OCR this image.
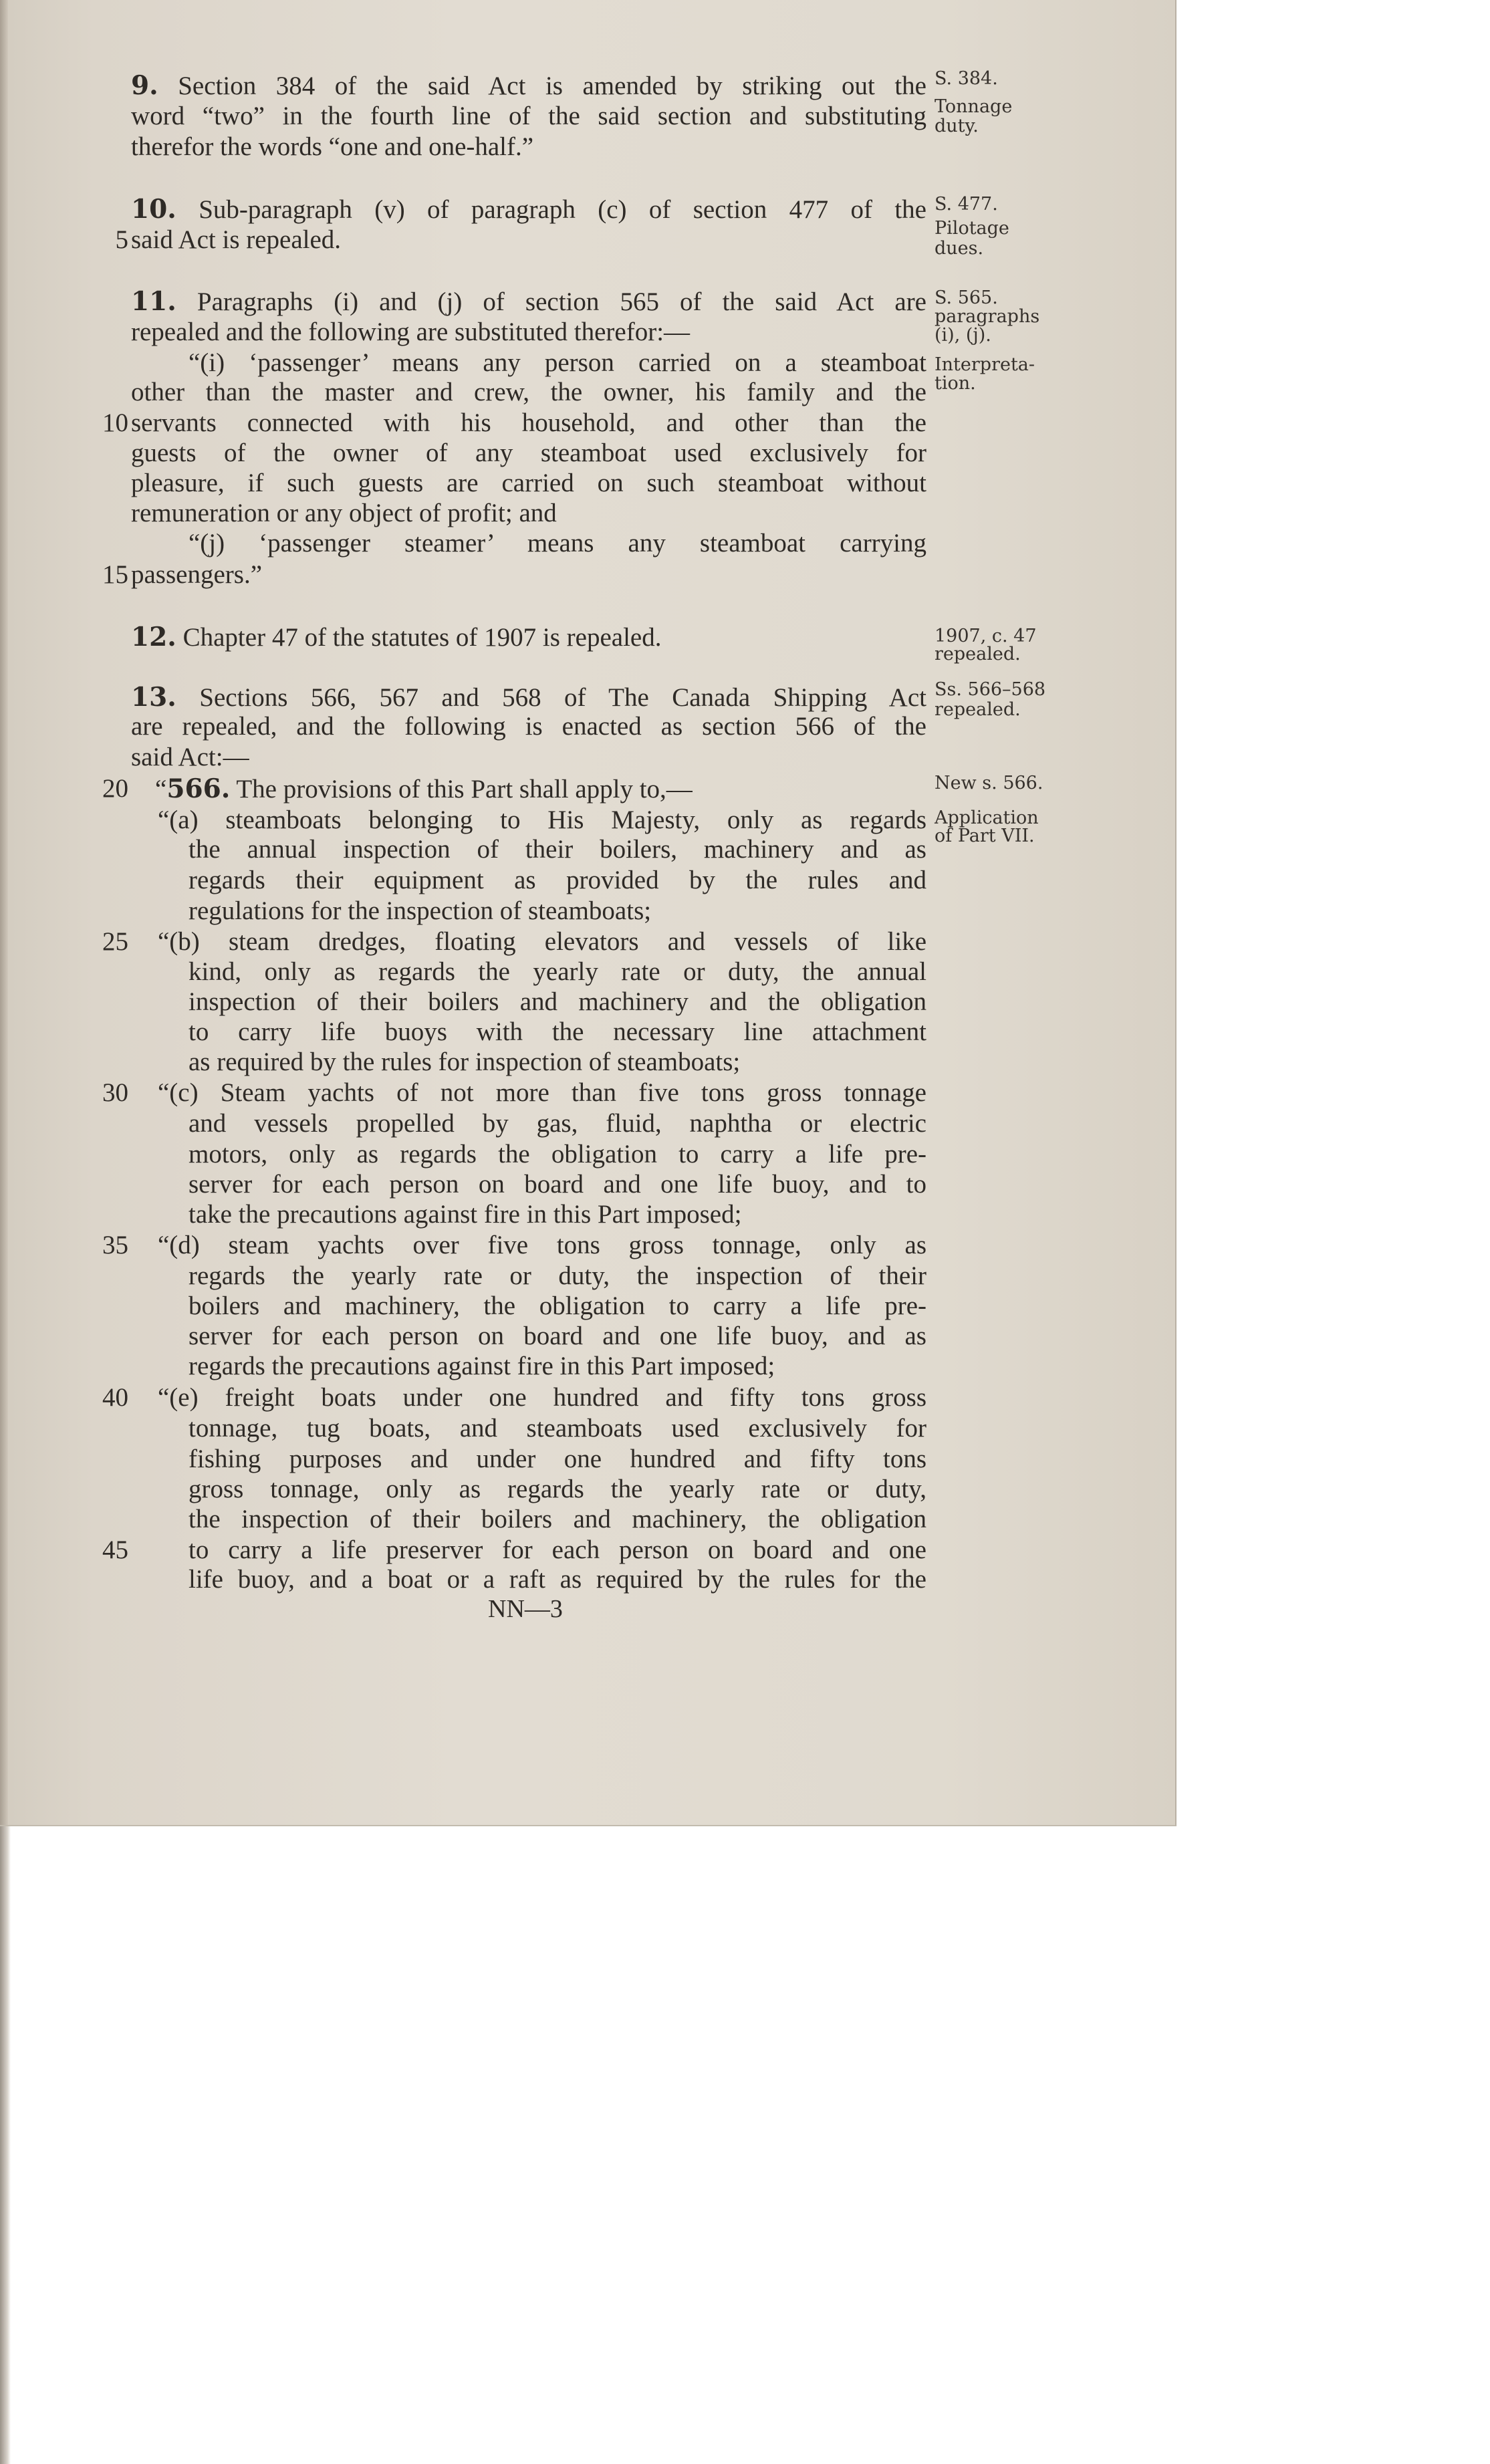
9. Section 384 of the said Act is amended by striking out the
word “two” in the fourth line of the said section and substituting
therefor the words “one and one-half.”
10. Sub-paragraph (v) of paragraph (c) of section 477 of the
said Act is repealed.
11. Paragraphs (i) and (j) of section 565 of the said Act are
repealed and the following are substituted therefor:—
“(i) ‘passenger’ means any person carried on a steamboat
other than the master and crew, the owner, his family and the
servants connected with his household, and other than the
guests of the owner of any steamboat used exclusively for
pleasure, if such guests are carried on such steamboat without
remuneration or any object of profit; and
“(j) ‘passenger steamer’ means any steamboat carrying
passengers.”
12. Chapter 47 of the statutes of 1907 is repealed.
13. Sections 566, 567 and 568 of The Canada Shipping Act
are repealed, and the following is enacted as section 566 of the
said Act:—
“566. The provisions of this Part shall apply to,—
“(a) steamboats belonging to His Majesty, only as regards
the annual inspection of their boilers, machinery and as
regards their equipment as provided by the rules and
regulations for the inspection of steamboats;
“(b) steam dredges, floating elevators and vessels of like
kind, only as regards the yearly rate or duty, the annual
inspection of their boilers and machinery and the obligation
to carry life buoys with the necessary line attachment
as required by the rules for inspection of steamboats;
“(c) Steam yachts of not more than five tons gross tonnage
and vessels propelled by gas, fluid, naphtha or electric
motors, only as regards the obligation to carry a life pre-
server for each person on board and one life buoy, and to
take the precautions against fire in this Part imposed;
“(d) steam yachts over five tons gross tonnage, only as
regards the yearly rate or duty, the inspection of their
boilers and machinery, the obligation to carry a life pre-
server for each person on board and one life buoy, and as
regards the precautions against fire in this Part imposed;
“(e) freight boats under one hundred and fifty tons gross
tonnage, tug boats, and steamboats used exclusively for
fishing purposes and under one hundred and fifty tons
gross tonnage, only as regards the yearly rate or duty,
the inspection of their boilers and machinery, the obligation
to carry a life preserver for each person on board and one
life buoy, and a boat or a raft as required by the rules for the
5
10
15
20
25
30
35
40
45
S. 384.
Tonnage
duty.
S. 477.
Pilotage
dues.
S. 565.
paragraphs
(i), (j).
Interpreta-
tion.
1907, c. 47
repealed.
Ss. 566–568
repealed.
New s. 566.
Application
of Part VII.
NN—3
